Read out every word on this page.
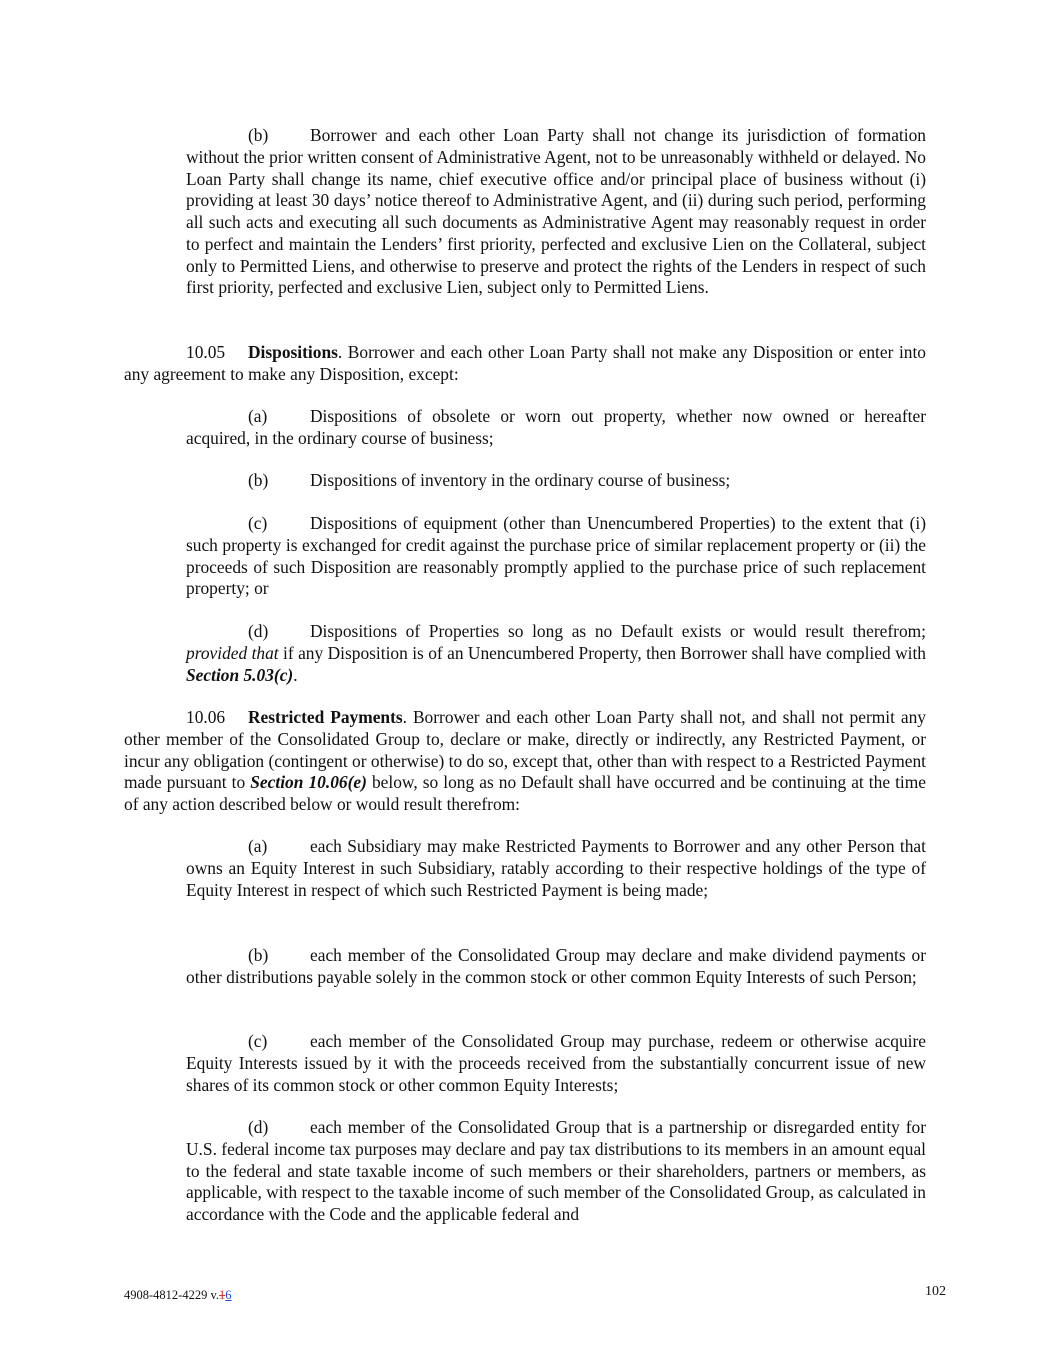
(b) Borrower and each other Loan Party shall not change its jurisdiction of formation without the prior written consent of Administrative Agent, not to be unreasonably withheld or delayed. No Loan Party shall change its name, chief executive office and/or principal place of business without (i) providing at least 30 days’ notice thereof to Administrative Agent, and (ii) during such period, performing all such acts and executing all such documents as Administrative Agent may reasonably request in order to perfect and maintain the Lenders’ first priority, perfected and exclusive Lien on the Collateral, subject only to Permitted Liens, and otherwise to preserve and protect the rights of the Lenders in respect of such first priority, perfected and exclusive Lien, subject only to Permitted Liens.

10.05 Dispositions. Borrower and each other Loan Party shall not make any Disposition or enter into any agreement to make any Disposition, except:

(a) Dispositions of obsolete or worn out property, whether now owned or hereafter acquired, in the ordinary course of business;

(b) Dispositions of inventory in the ordinary course of business;

(c) Dispositions of equipment (other than Unencumbered Properties) to the extent that (i) such property is exchanged for credit against the purchase price of similar replacement property or (ii) the proceeds of such Disposition are reasonably promptly applied to the purchase price of such replacement property; or

(d) Dispositions of Properties so long as no Default exists or would result therefrom; provided that if any Disposition is of an Unencumbered Property, then Borrower shall have complied with Section 5.03(c).

10.06 Restricted Payments. Borrower and each other Loan Party shall not, and shall not permit any other member of the Consolidated Group to, declare or make, directly or indirectly, any Restricted Payment, or incur any obligation (contingent or otherwise) to do so, except that, other than with respect to a Restricted Payment made pursuant to Section 10.06(e) below, so long as no Default shall have occurred and be continuing at the time of any action described below or would result therefrom:

(a) each Subsidiary may make Restricted Payments to Borrower and any other Person that owns an Equity Interest in such Subsidiary, ratably according to their respective holdings of the type of Equity Interest in respect of which such Restricted Payment is being made;

(b) each member of the Consolidated Group may declare and make dividend payments or other distributions payable solely in the common stock or other common Equity Interests of such Person;

(c) each member of the Consolidated Group may purchase, redeem or otherwise acquire Equity Interests issued by it with the proceeds received from the substantially concurrent issue of new shares of its common stock or other common Equity Interests;

(d) each member of the Consolidated Group that is a partnership or disregarded entity for U.S. federal income tax purposes may declare and pay tax distributions to its members in an amount equal to the federal and state taxable income of such members or their shareholders, partners or members, as applicable, with respect to the taxable income of such member of the Consolidated Group, as calculated in accordance with the Code and the applicable federal and

4908-4812-4229 v.16	102
